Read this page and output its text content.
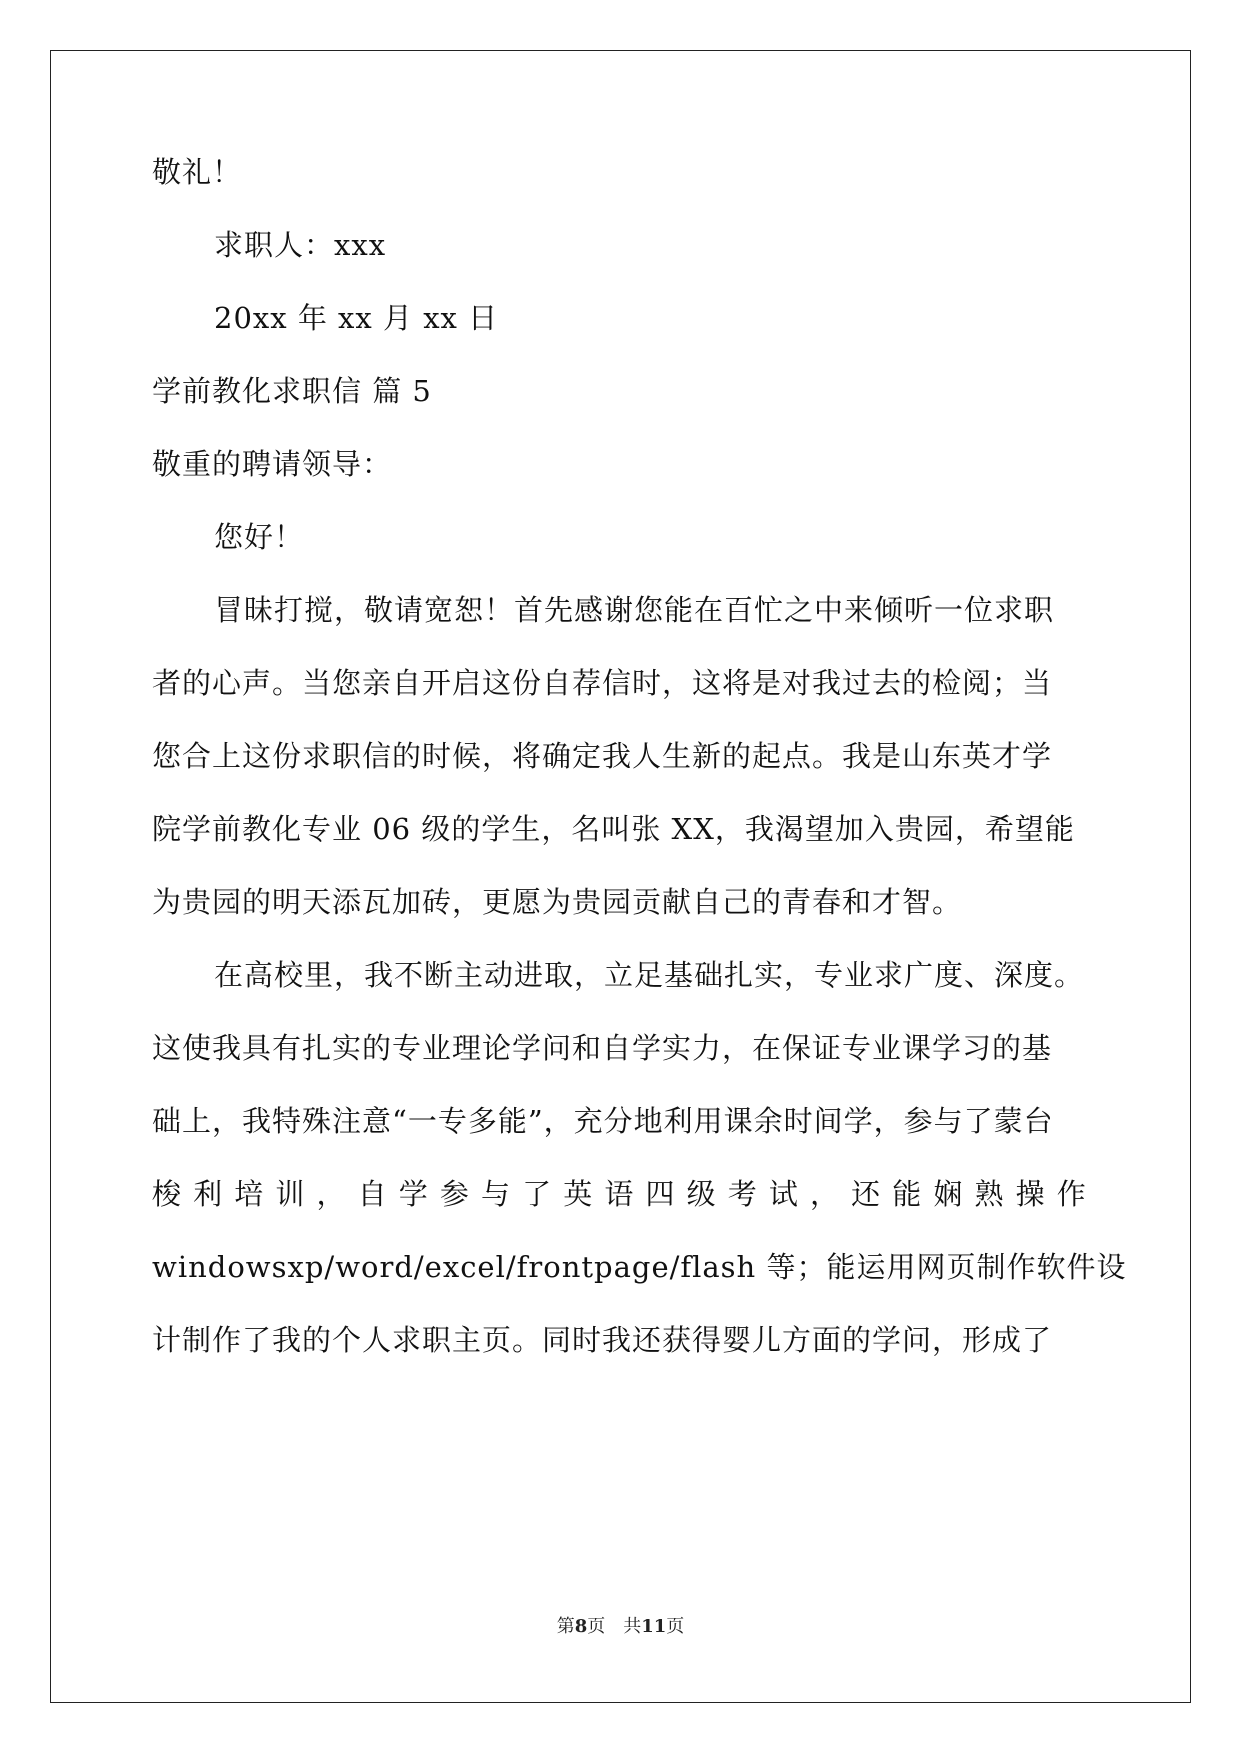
敬礼！
求职人：xxx
20xx 年 xx 月 xx 日
学前教化求职信 篇 5
敬重的聘请领导：
您好！
冒昧打搅，敬请宽恕！首先感谢您能在百忙之中来倾听一位求职
者的心声。当您亲自开启这份自荐信时，这将是对我过去的检阅；当
您合上这份求职信的时候，将确定我人生新的起点。我是山东英才学
院学前教化专业 06 级的学生，名叫张 XX，我渴望加入贵园，希望能
为贵园的明天添瓦加砖，更愿为贵园贡献自己的青春和才智。
在高校里，我不断主动进取，立足基础扎实，专业求广度、深度。
这使我具有扎实的专业理论学问和自学实力，在保证专业课学习的基
础上，我特殊注意“一专多能”，充分地利用课余时间学，参与了蒙台
梭 利 培 训 ， 自 学 参 与 了 英 语 四 级 考 试 ， 还 能 娴 熟 操 作
windowsxp/word/excel/frontpage/flash 等；能运用网页制作软件设
计制作了我的个人求职主页。同时我还获得婴儿方面的学问，形成了
第8页　共11页
